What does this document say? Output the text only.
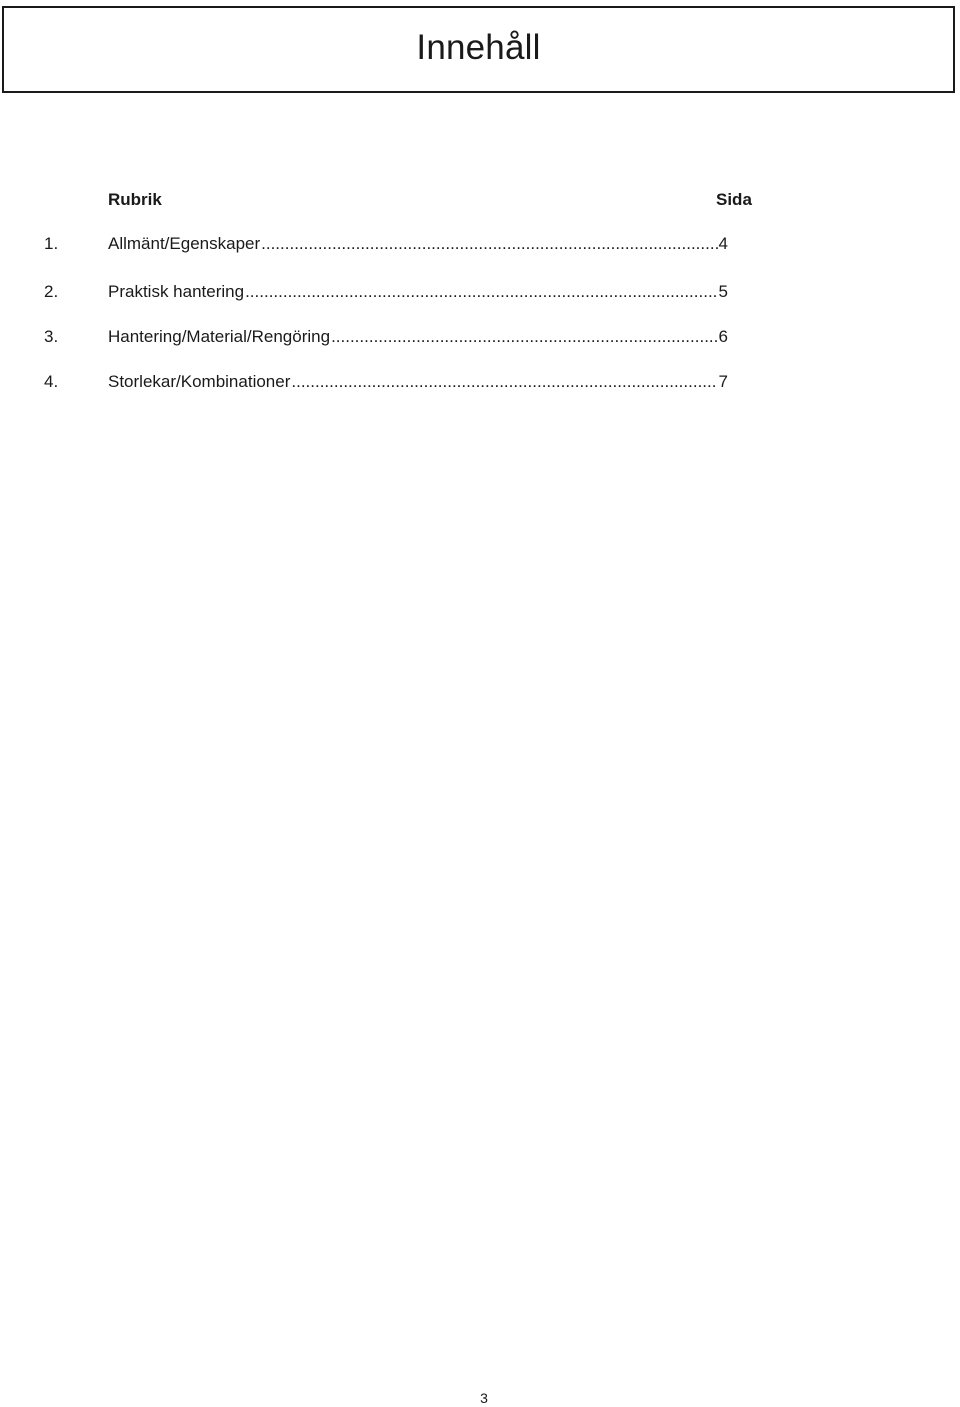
Innehåll
Rubrik	Sida
1.	Allmänt/Egenskaper .....	4
2.	Praktisk hantering .....	5
3.	Hantering/Material/Rengöring .....	6
4.	Storlekar/Kombinationer .....	7
3
